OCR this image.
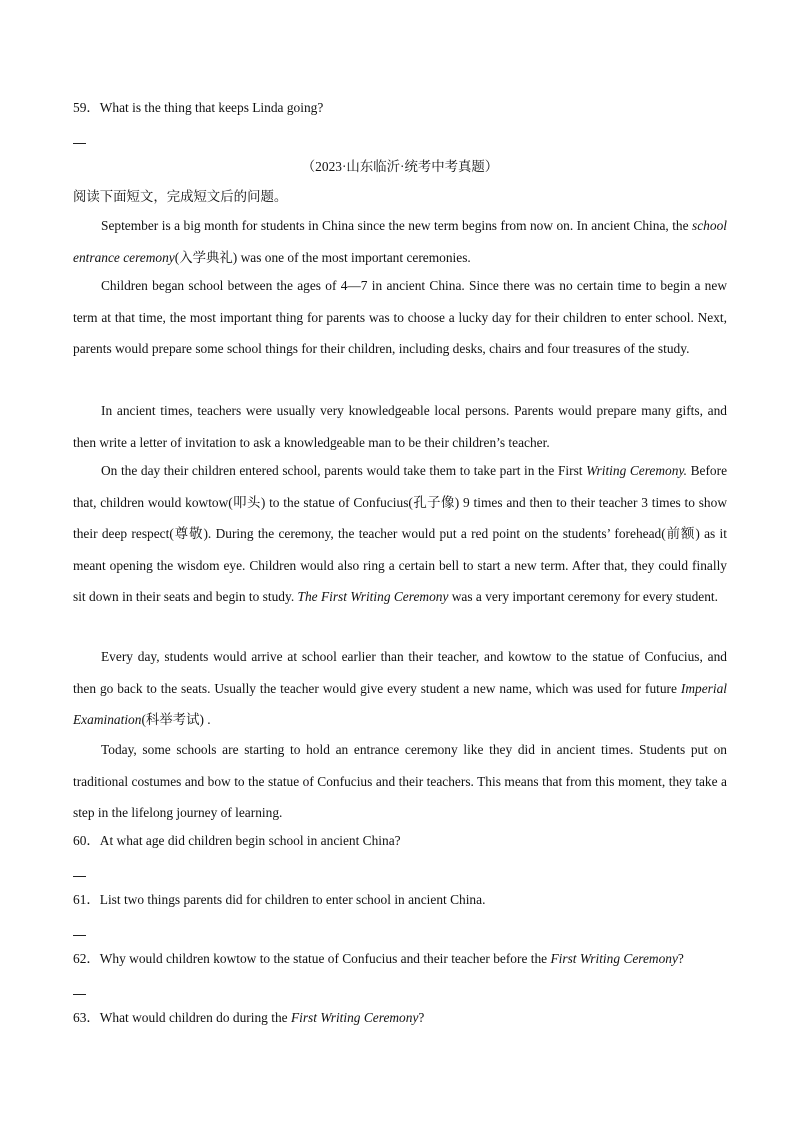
59．What is the thing that keeps Linda going?
（2023·山东临沂·统考中考真题）
阅读下面短文，完成短文后的问题。

September is a big month for students in China since the new term begins from now on. In ancient China, the school entrance ceremony(入学典礼) was one of the most important ceremonies.

Children began school between the ages of 4—7 in ancient China. Since there was no certain time to begin a new term at that time, the most important thing for parents was to choose a lucky day for their children to enter school. Next, parents would prepare some school things for their children, including desks, chairs and four treasures of the study.

In ancient times, teachers were usually very knowledgeable local persons. Parents would prepare many gifts, and then write a letter of invitation to ask a knowledgeable man to be their children’s teacher.

On the day their children entered school, parents would take them to take part in the First Writing Ceremony. Before that, children would kowtow(叩头) to the statue of Confucius(孔子像) 9 times and then to their teacher 3 times to show their deep respect(尊敬). During the ceremony, the teacher would put a red point on the students’ forehead(前额) as it meant opening the wisdom eye. Children would also ring a certain bell to start a new term. After that, they could finally sit down in their seats and begin to study. The First Writing Ceremony was a very important ceremony for every student.

Every day, students would arrive at school earlier than their teacher, and kowtow to the statue of Confucius, and then go back to the seats. Usually the teacher would give every student a new name, which was used for future Imperial Examination(科举考试) .

Today, some schools are starting to hold an entrance ceremony like they did in ancient times. Students put on traditional costumes and bow to the statue of Confucius and their teachers. This means that from this moment, they take a step in the lifelong journey of learning.

60．At what age did children begin school in ancient China?
61．List two things parents did for children to enter school in ancient China.
62．Why would children kowtow to the statue of Confucius and their teacher before the First Writing Ceremony?
63．What would children do during the First Writing Ceremony?
